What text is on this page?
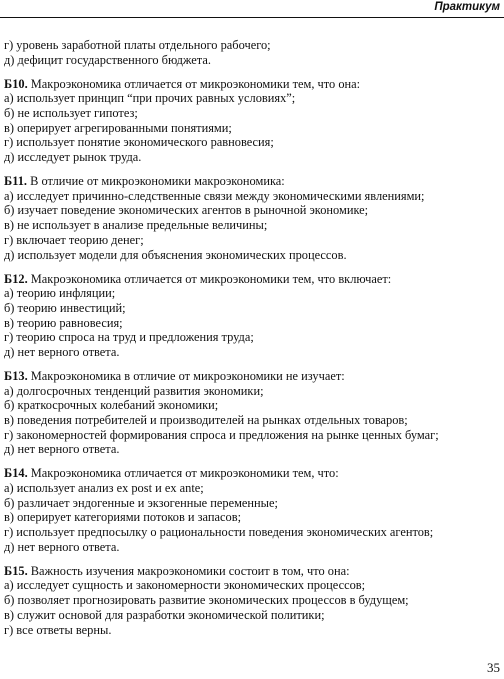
Практикум
г) уровень заработной платы отдельного рабочего;
д) дефицит государственного бюджета.
Б10. Макроэкономика отличается от микроэкономики тем, что она:
а) использует принцип “при прочих равных условиях”;
б) не использует гипотез;
в) оперирует агрегированными понятиями;
г) использует понятие экономического равновесия;
д) исследует рынок труда.
Б11. В отличие от микроэкономики макроэкономика:
а) исследует причинно-следственные связи между экономическими явлениями;
б) изучает поведение экономических агентов в рыночной экономике;
в) не использует в анализе предельные величины;
г) включает теорию денег;
д) использует модели для объяснения экономических процессов.
Б12. Макроэкономика отличается от микроэкономики тем, что включает:
а) теорию инфляции;
б) теорию инвестиций;
в) теорию равновесия;
г) теорию спроса на труд и предложения труда;
д) нет верного ответа.
Б13. Макроэкономика в отличие от микроэкономики не изучает:
а) долгосрочных тенденций развития экономики;
б) краткосрочных колебаний экономики;
в) поведения потребителей и производителей на рынках отдельных товаров;
г) закономерностей формирования спроса и предложения на рынке ценных бумаг;
д) нет верного ответа.
Б14. Макроэкономика отличается от микроэкономики тем, что:
а) использует анализ ex post и ex ante;
б) различает эндогенные и экзогенные переменные;
в) оперирует категориями потоков и запасов;
г) использует предпосылку о рациональности поведения экономических агентов;
д) нет верного ответа.
Б15. Важность изучения макроэкономики состоит в том, что она:
а) исследует сущность и закономерности экономических процессов;
б) позволяет прогнозировать развитие экономических процессов в будущем;
в) служит основой для разработки экономической политики;
г) все ответы верны.
35
